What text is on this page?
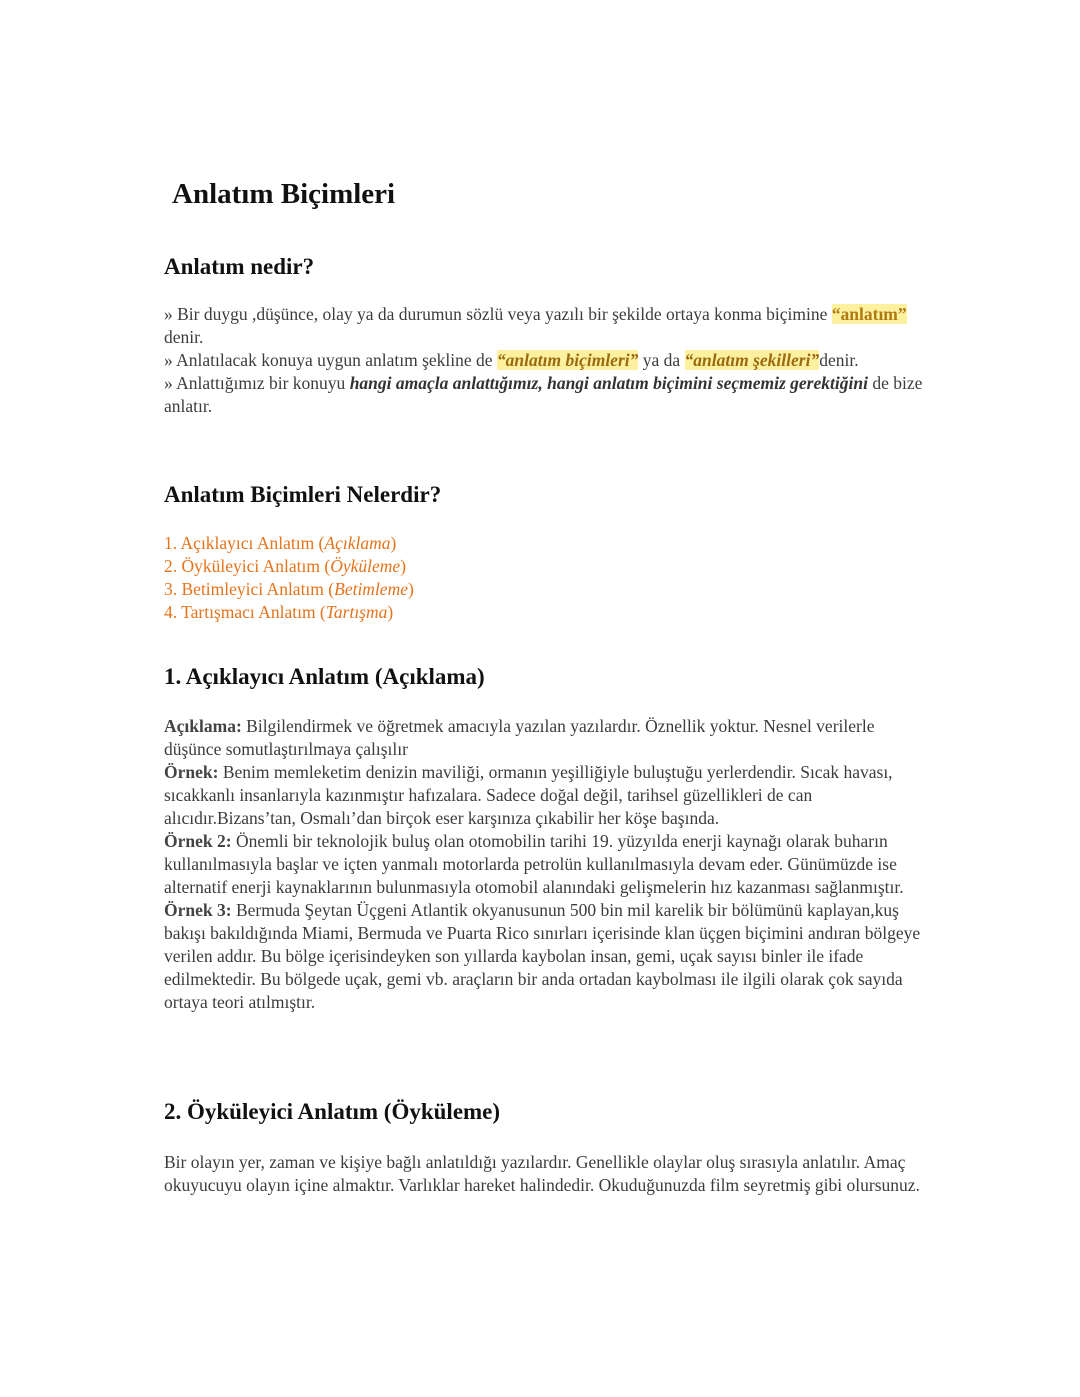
Anlatım Biçimleri
Anlatım nedir?

» Bir duygu ,düşünce, olay ya da durumun sözlü veya yazılı bir şekilde ortaya konma biçimine “anlatım” denir.

» Anlatılacak konuya uygun anlatım şekline de “anlatım biçimleri” ya da “anlatım şekilleri”denir.

» Anlattığımız bir konuyu hangi amaçla anlattığımız, hangi anlatım biçimini seçmemiz gerektiğini de bize anlatır.

Anlatım Biçimleri Nelerdir?
1. Açıklayıcı Anlatım (Açıklama)
2. Öyküleyici Anlatım (Öyküleme)
3. Betimleyici Anlatım (Betimleme)
4. Tartışmacı Anlatım (Tartışma)
1. Açıklayıcı Anlatım (Açıklama)

Açıklama: Bilgilendirmek ve öğretmek amacıyla yazılan yazılardır. Öznellik yoktur. Nesnel verilerle düşünce somutlaştırılmaya çalışılır

Örnek: Benim memleketim denizin maviliği, ormanın yeşilliğiyle buluştuğu yerlerdendir. Sıcak havası, sıcakkanlı insanlarıyla kazınmıştır hafızalara. Sadece doğal değil, tarihsel güzellikleri de can alıcıdır.Bizans’tan, Osmalı’dan birçok eser karşınıza çıkabilir her köşe başında.

Örnek 2: Önemli bir teknolojik buluş olan otomobilin tarihi 19. yüzyılda enerji kaynağı olarak buharın kullanılmasıyla başlar ve içten yanmalı motorlarda petrolün kullanılmasıyla devam eder. Günümüzde ise alternatif enerji kaynaklarının bulunmasıyla otomobil alanındaki gelişmelerin hız kazanması sağlanmıştır.

Örnek 3: Bermuda Şeytan Üçgeni Atlantik okyanusunun 500 bin mil karelik bir bölümünü kaplayan,kuş bakışı bakıldığında Miami, Bermuda ve Puarta Rico sınırları içerisinde klan üçgen biçimini andıran bölgeye verilen addır. Bu bölge içerisindeyken son yıllarda kaybolan insan, gemi, uçak sayısı binler ile ifade edilmektedir. Bu bölgede uçak, gemi vb. araçların bir anda ortadan kaybolması ile ilgili olarak çok sayıda ortaya teori atılmıştır.

2. Öyküleyici Anlatım (Öyküleme)

Bir olayın yer, zaman ve kişiye bağlı anlatıldığı yazılardır. Genellikle olaylar oluş sırasıyla anlatılır. Amaç okuyucuyu olayın içine almaktır. Varlıklar hareket halindedir. Okuduğunuzda film seyretmiş gibi olursunuz.
